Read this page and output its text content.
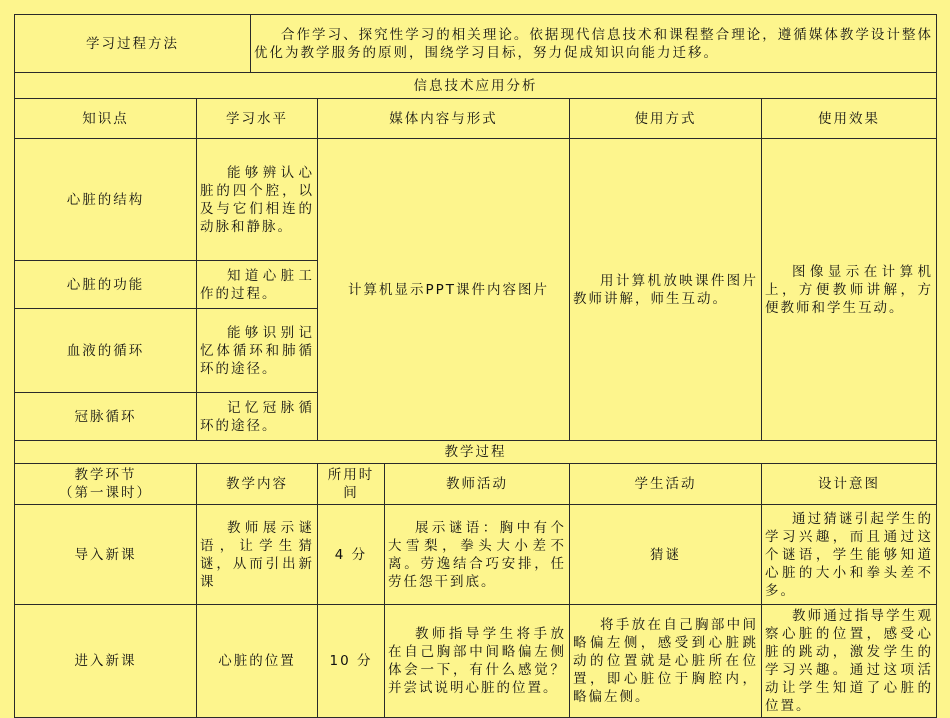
学习过程方法		合作学习、探究性学习的相关理论。依据现代信息技术和课程整合理论，遵循媒体教学设计整体优化为教学服务的原则，围绕学习目标，努力促成知识向能力迁移。				
信息技术应用分析						
知识点	学习水平		媒体内容与形式		使用方式	使用效果
心脏的结构	能够辨认心脏的四个腔，以及与它们相连的动脉和静脉。		计算机显示PPT课件内容图片		用计算机放映课件图片教师讲解，师生互动。	图像显示在计算机上，方便教师讲解，方便教师和学生互动。
心脏的功能	知道心脏工作的过程。					
血液的循环	能够识别记忆体循环和肺循环的途径。					
冠脉循环	记忆冠脉循环的途径。					
教学过程						

教学环节
（第一课时）	教学内容		所用时间	教师活动	学生活动	设计意图
导入新课	教师展示谜语，让学生猜谜，从而引出新课		4 分	展示谜语：胸中有个大雪梨，拳头大小差不离。劳逸结合巧安排，任劳任怨干到底。	猜谜	通过猜谜引起学生的学习兴趣，而且通过这个谜语，学生能够知道心脏的大小和拳头差不多。
进入新课	心脏的位置		10 分	教师指导学生将手放在自己胸部中间略偏左侧体会一下，有什么感觉？并尝试说明心脏的位置。	将手放在自己胸部中间略偏左侧，感受到心脏跳动的位置就是心脏所在位置，即心脏位于胸腔内，略偏左侧。	教师通过指导学生观察心脏的位置，感受心脏的跳动，激发学生的学习兴趣。通过这项活动让学生知道了心脏的位置。
